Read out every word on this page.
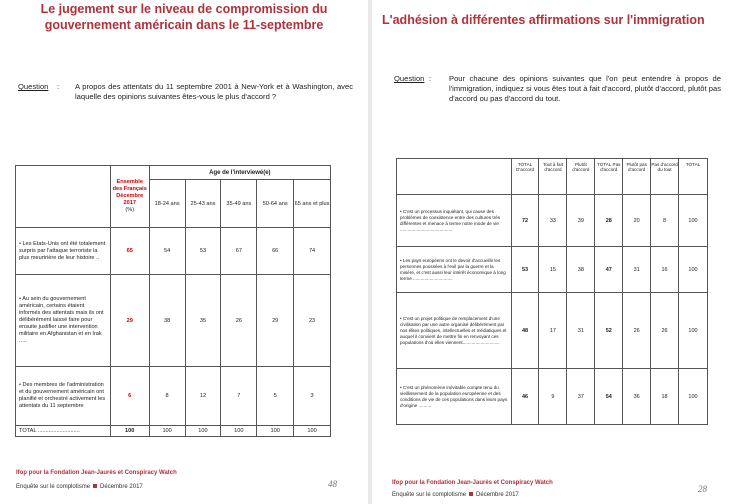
Le jugement sur le niveau de compromission du gouvernement américain dans le 11-septembre
Question : A propos des attentats du 11 septembre 2001 à New-York et à Washington, avec laquelle des opinions suivantes êtes-vous le plus d'accord ?
	Ensemble des Français Décembre 2017
(%)	Age de l'interviewé(e)				
		18-24 ans	25-43 ans	35-49 ans	50-64 ans	65 ans et plus
• Les Etats-Unis ont été totalement surpris par l'attaque terroriste la plus meurtrière de leur histoire ..	65	54	53	67	66	74
• Au sein du gouvernement américain, certains étaient informés des attentats mais ils ont délibérément laissé faire pour ensuite justifier une intervention militaire en Afghanistan et en Irak .....	29	38	35	26	29	23
• Des membres de l'administration et du gouvernement américain ont planifié et orchestré activement les attentats du 11 septembre	6	8	12	7	5	3
TOTAL ...........................	100	100	100	100	100	100
Ifop pour la Fondation Jean-Jaurès et Conspiracy Watch
Enquête sur le complotisme Décembre 2017	48
L'adhésion à différentes affirmations sur l'immigration
Question : Pour chacune des opinions suivantes que l'on peut entendre à propos de l'immigration, indiquez si vous êtes tout à fait d'accord, plutôt d'accord, plutôt pas d'accord ou pas d'accord du tout.
	TOTAL D'accord	Tout à fait d'accord	Plutôt d'accord	TOTAL Pas d'accord	Plutôt pas d'accord	Pas d'accord du tout	TOTAL
• C'est un processus inquiétant, qui cause des problèmes de coexistence entre des cultures très différentes et menace à terme notre mode de vie .........................................	72	33	39	28	20	8	100
• Les pays européens ont le devoir d'accueillir les personnes poussées à l'exil par la guerre et la misère, et c'est aussi leur intérêt économique à long terme ...............................	53	15	38	47	31	16	100
• C'est un projet politique de remplacement d'une civilisation par une autre organisé délibérément par nos élites politiques, intellectuelles et médiatiques et auquel il convient de mettre fin en renvoyant ces populations d'où elles viennent.............................	48	17	31	52	26	26	100
• C'est un phénomène inévitable compte tenu du vieillissement de la population européenne et des conditions de vie de ces populations dans leurs pays d'origine ..........	46	9	37	54	36	18	100
Ifop pour la Fondation Jean-Jaurès et Conspiracy Watch
Enquête sur le complotisme Décembre 2017
28
